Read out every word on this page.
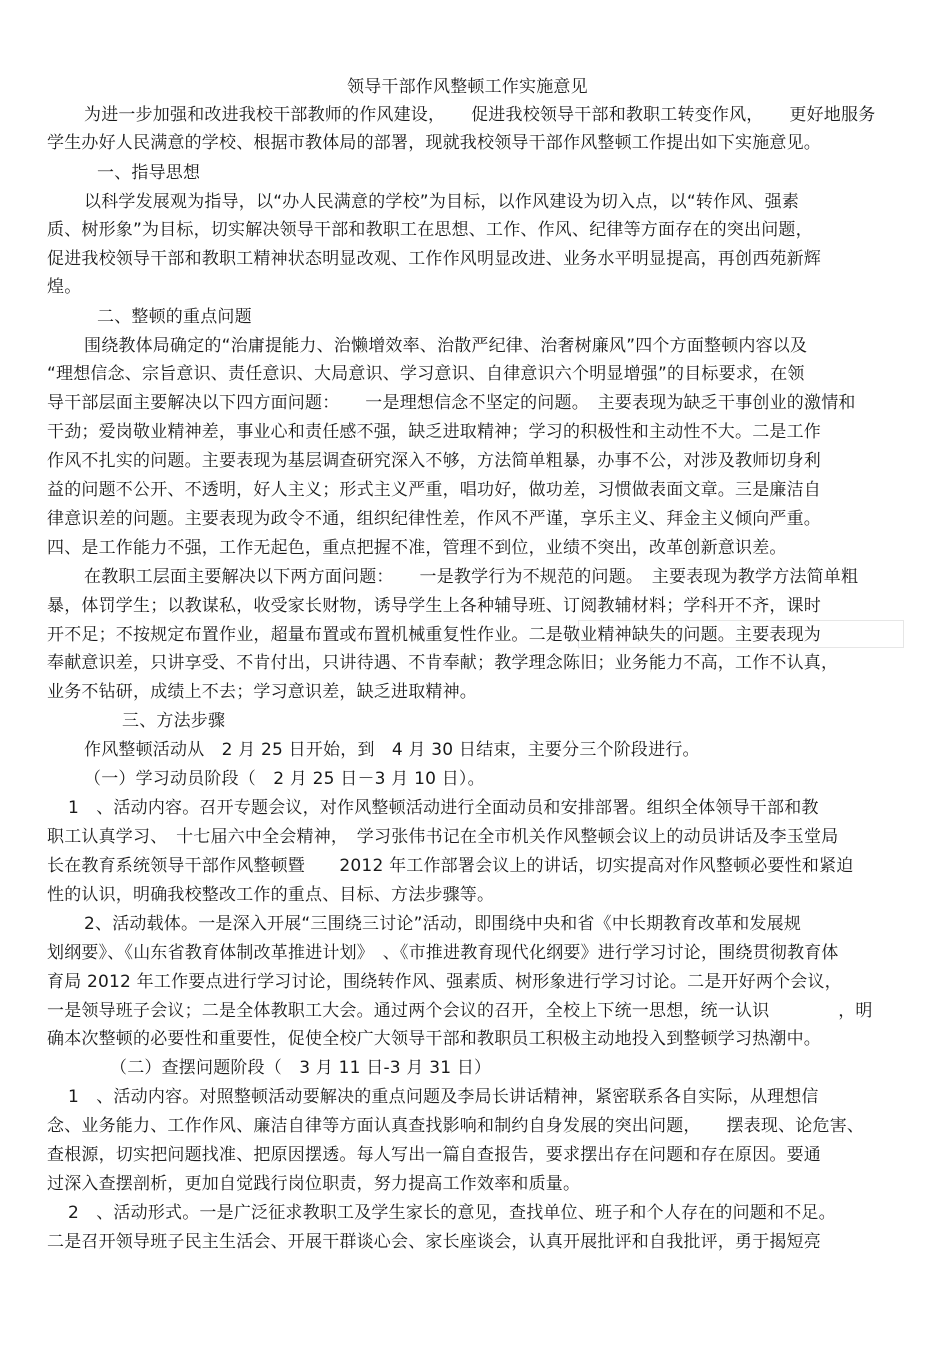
领导干部作风整顿工作实施意见
为进一步加强和改进我校干部教师的作风建设，　　促进我校领导干部和教职工转变作风，　　更好地服务
学生办好人民满意的学校、根据市教体局的部署，现就我校领导干部作风整顿工作提出如下实施意见。
一、指导思想
以科学发展观为指导，以“办人民满意的学校”为目标，以作风建设为切入点，以“转作风、强素
质、树形象”为目标，切实解决领导干部和教职工在思想、工作、作风、纪律等方面存在的突出问题，
促进我校领导干部和教职工精神状态明显改观、工作作风明显改进、业务水平明显提高，再创西苑新辉
煌。
二、整顿的重点问题
围绕教体局确定的“治庸提能力、治懒增效率、治散严纪律、治奢树廉风”四个方面整顿内容以及
“理想信念、宗旨意识、责任意识、大局意识、学习意识、自律意识六个明显增强”的目标要求，在领
导干部层面主要解决以下四方面问题：　　一是理想信念不坚定的问题。　主要表现为缺乏干事创业的激情和
干劲；爱岗敬业精神差，事业心和责任感不强，缺乏进取精神；学习的积极性和主动性不大。二是工作
作风不扎实的问题。主要表现为基层调查研究深入不够，方法简单粗暴，办事不公，对涉及教师切身利
益的问题不公开、不透明，好人主义；形式主义严重，唱功好，做功差，习惯做表面文章。三是廉洁自
律意识差的问题。主要表现为政令不通，组织纪律性差，作风不严谨，享乐主义、拜金主义倾向严重。
四、是工作能力不强，工作无起色，重点把握不准，管理不到位，业绩不突出，改革创新意识差。
在教职工层面主要解决以下两方面问题：　　一是教学行为不规范的问题。　主要表现为教学方法简单粗
暴，体罚学生；以教谋私，收受家长财物，诱导学生上各种辅导班、订阅教辅材料；学科开不齐，课时
开不足；不按规定布置作业，超量布置或布置机械重复性作业。二是敬业精神缺失的问题。主要表现为
奉献意识差，只讲享受、不肯付出，只讲待遇、不肯奉献；教学理念陈旧；业务能力不高，工作不认真，
业务不钻研，成绩上不去；学习意识差，缺乏进取精神。
三、方法步骤
作风整顿活动从　2 月 25 日开始，到　4 月 30 日结束，主要分三个阶段进行。
（一）学习动员阶段（　2 月 25 日－3 月 10 日）。
1　、活动内容。召开专题会议，对作风整顿活动进行全面动员和安排部署。组织全体领导干部和教
职工认真学习、　十七届六中全会精神，　学习张伟书记在全市机关作风整顿会议上的动员讲话及李玉堂局
长在教育系统领导干部作风整顿暨　　2012 年工作部署会议上的讲话，切实提高对作风整顿必要性和紧迫
性的认识，明确我校整改工作的重点、目标、方法步骤等。
2、活动载体。一是深入开展“三围绕三讨论”活动，即围绕中央和省《中长期教育改革和发展规
划纲要》、《山东省教育体制改革推进计划》　、《市推进教育现代化纲要》进行学习讨论，围绕贯彻教育体
育局 2012 年工作要点进行学习讨论，围绕转作风、强素质、树形象进行学习讨论。二是开好两个会议，
一是领导班子会议；二是全体教职工大会。通过两个会议的召开，全校上下统一思想，统一认识　　　　，明
确本次整顿的必要性和重要性，促使全校广大领导干部和教职员工积极主动地投入到整顿学习热潮中。
（二）查摆问题阶段（　3 月 11 日-3 月 31 日）
1　、活动内容。对照整顿活动要解决的重点问题及李局长讲话精神，紧密联系各自实际，从理想信
念、业务能力、工作作风、廉洁自律等方面认真查找影响和制约自身发展的突出问题，　　摆表现、论危害、
查根源，切实把问题找准、把原因摆透。每人写出一篇自查报告，要求摆出存在问题和存在原因。要通
过深入查摆剖析，更加自觉践行岗位职责，努力提高工作效率和质量。
2　、活动形式。一是广泛征求教职工及学生家长的意见，查找单位、班子和个人存在的问题和不足。
二是召开领导班子民主生活会、开展干群谈心会、家长座谈会，认真开展批评和自我批评，勇于揭短亮
